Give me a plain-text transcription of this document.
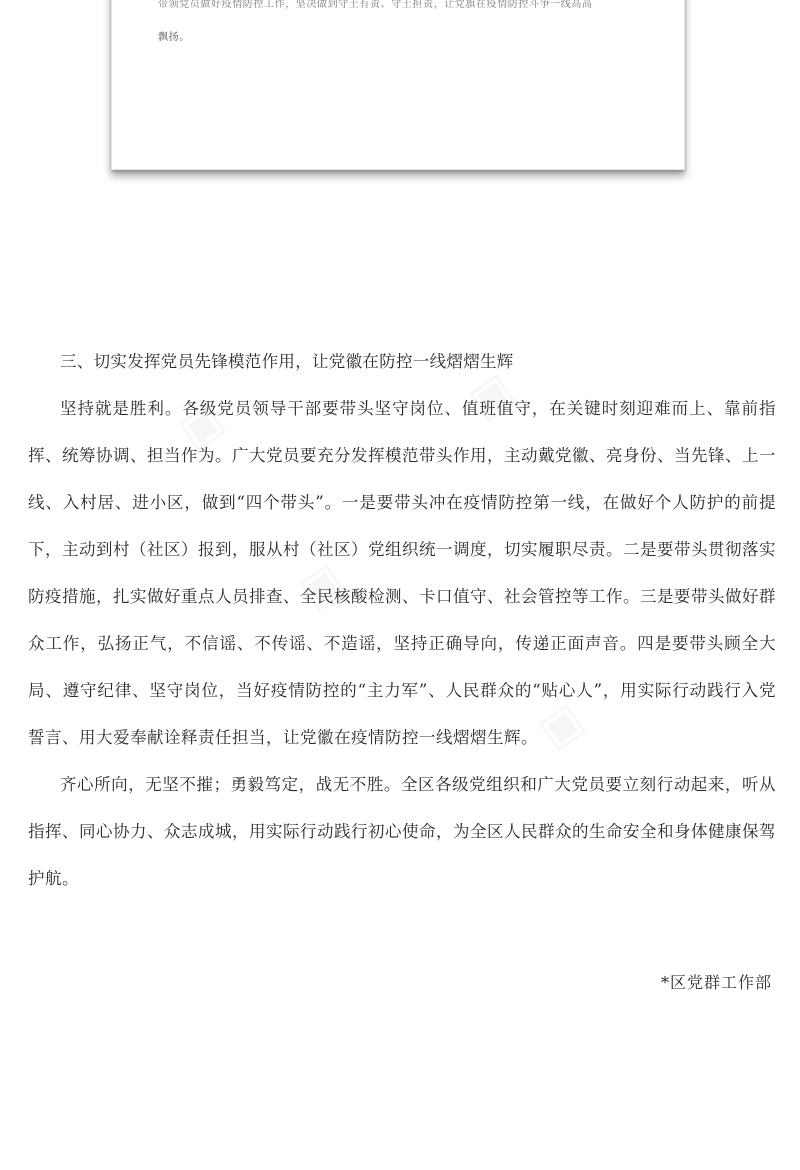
带领党员做好疫情防控工作，坚决做到守土有责、守土担责，让党旗在疫情防控斗争一线高高
飘扬。

三、切实发挥党员先锋模范作用，让党徽在防控一线熠熠生辉

坚持就是胜利。各级党员领导干部要带头坚守岗位、值班值守，在关键时刻迎难而上、靠前指挥、统筹协调、担当作为。广大党员要充分发挥模范带头作用，主动戴党徽、亮身份、当先锋、上一线、入村居、进小区，做到“四个带头”。一是要带头冲在疫情防控第一线，在做好个人防护的前提下，主动到村（社区）报到，服从村（社区）党组织统一调度，切实履职尽责。二是要带头贯彻落实防疫措施，扎实做好重点人员排查、全民核酸检测、卡口值守、社会管控等工作。三是要带头做好群众工作，弘扬正气，不信谣、不传谣、不造谣，坚持正确导向，传递正面声音。四是要带头顾全大局、遵守纪律、坚守岗位，当好疫情防控的“主力军”、人民群众的“贴心人”，用实际行动践行入党誓言、用大爱奉献诠释责任担当，让党徽在疫情防控一线熠熠生辉。

齐心所向，无坚不摧；勇毅笃定，战无不胜。全区各级党组织和广大党员要立刻行动起来，听从指挥、同心协力、众志成城，用实际行动践行初心使命，为全区人民群众的生命安全和身体健康保驾护航。

*区党群工作部
